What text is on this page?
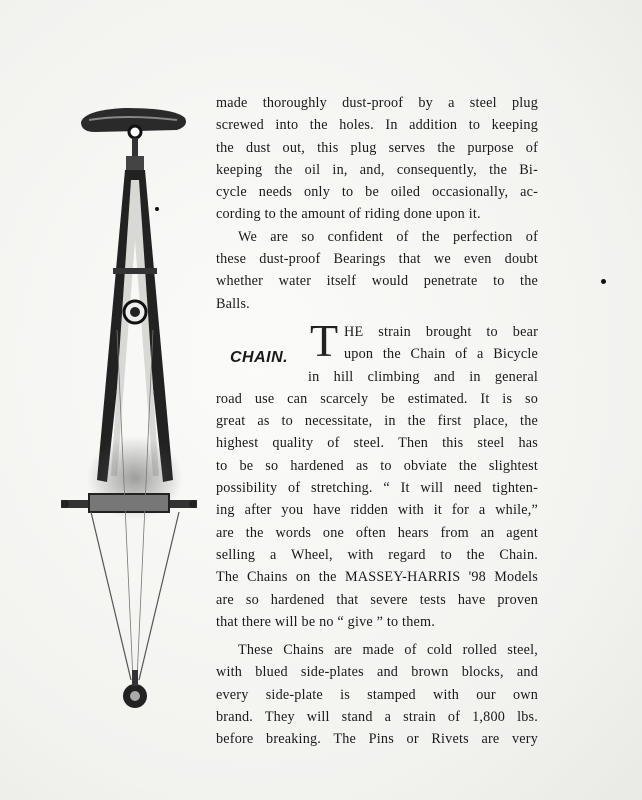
made thoroughly dust-proof by a steel plug
screwed into the holes. In addition to keeping
the dust out, this plug serves the purpose of
keeping the oil in, and, consequently, the Bi-
cycle needs only to be oiled occasionally, ac-
cording to the amount of riding done upon it.

We are so confident of the perfection of
these dust-proof Bearings that we even doubt
whether water itself would penetrate to the
Balls.

CHAIN. T HE strain brought to bear
upon the Chain of a Bicycle
in hill climbing and in general
road use can scarcely be estimated. It is so
great as to necessitate, in the first place, the
highest quality of steel. Then this steel has
to be so hardened as to obviate the slightest
possibility of stretching. “ It will need tighten-
ing after you have ridden with it for a while,”
are the words one often hears from an agent
selling a Wheel, with regard to the Chain.
The Chains on the MASSEY-HARRIS '98 Models
are so hardened that severe tests have proven
that there will be no “ give ” to them.

These Chains are made of cold rolled steel,
with blued side-plates and brown blocks, and
every side-plate is stamped with our own
brand. They will stand a strain of 1,800 lbs.
before breaking. The Pins or Rivets are very
